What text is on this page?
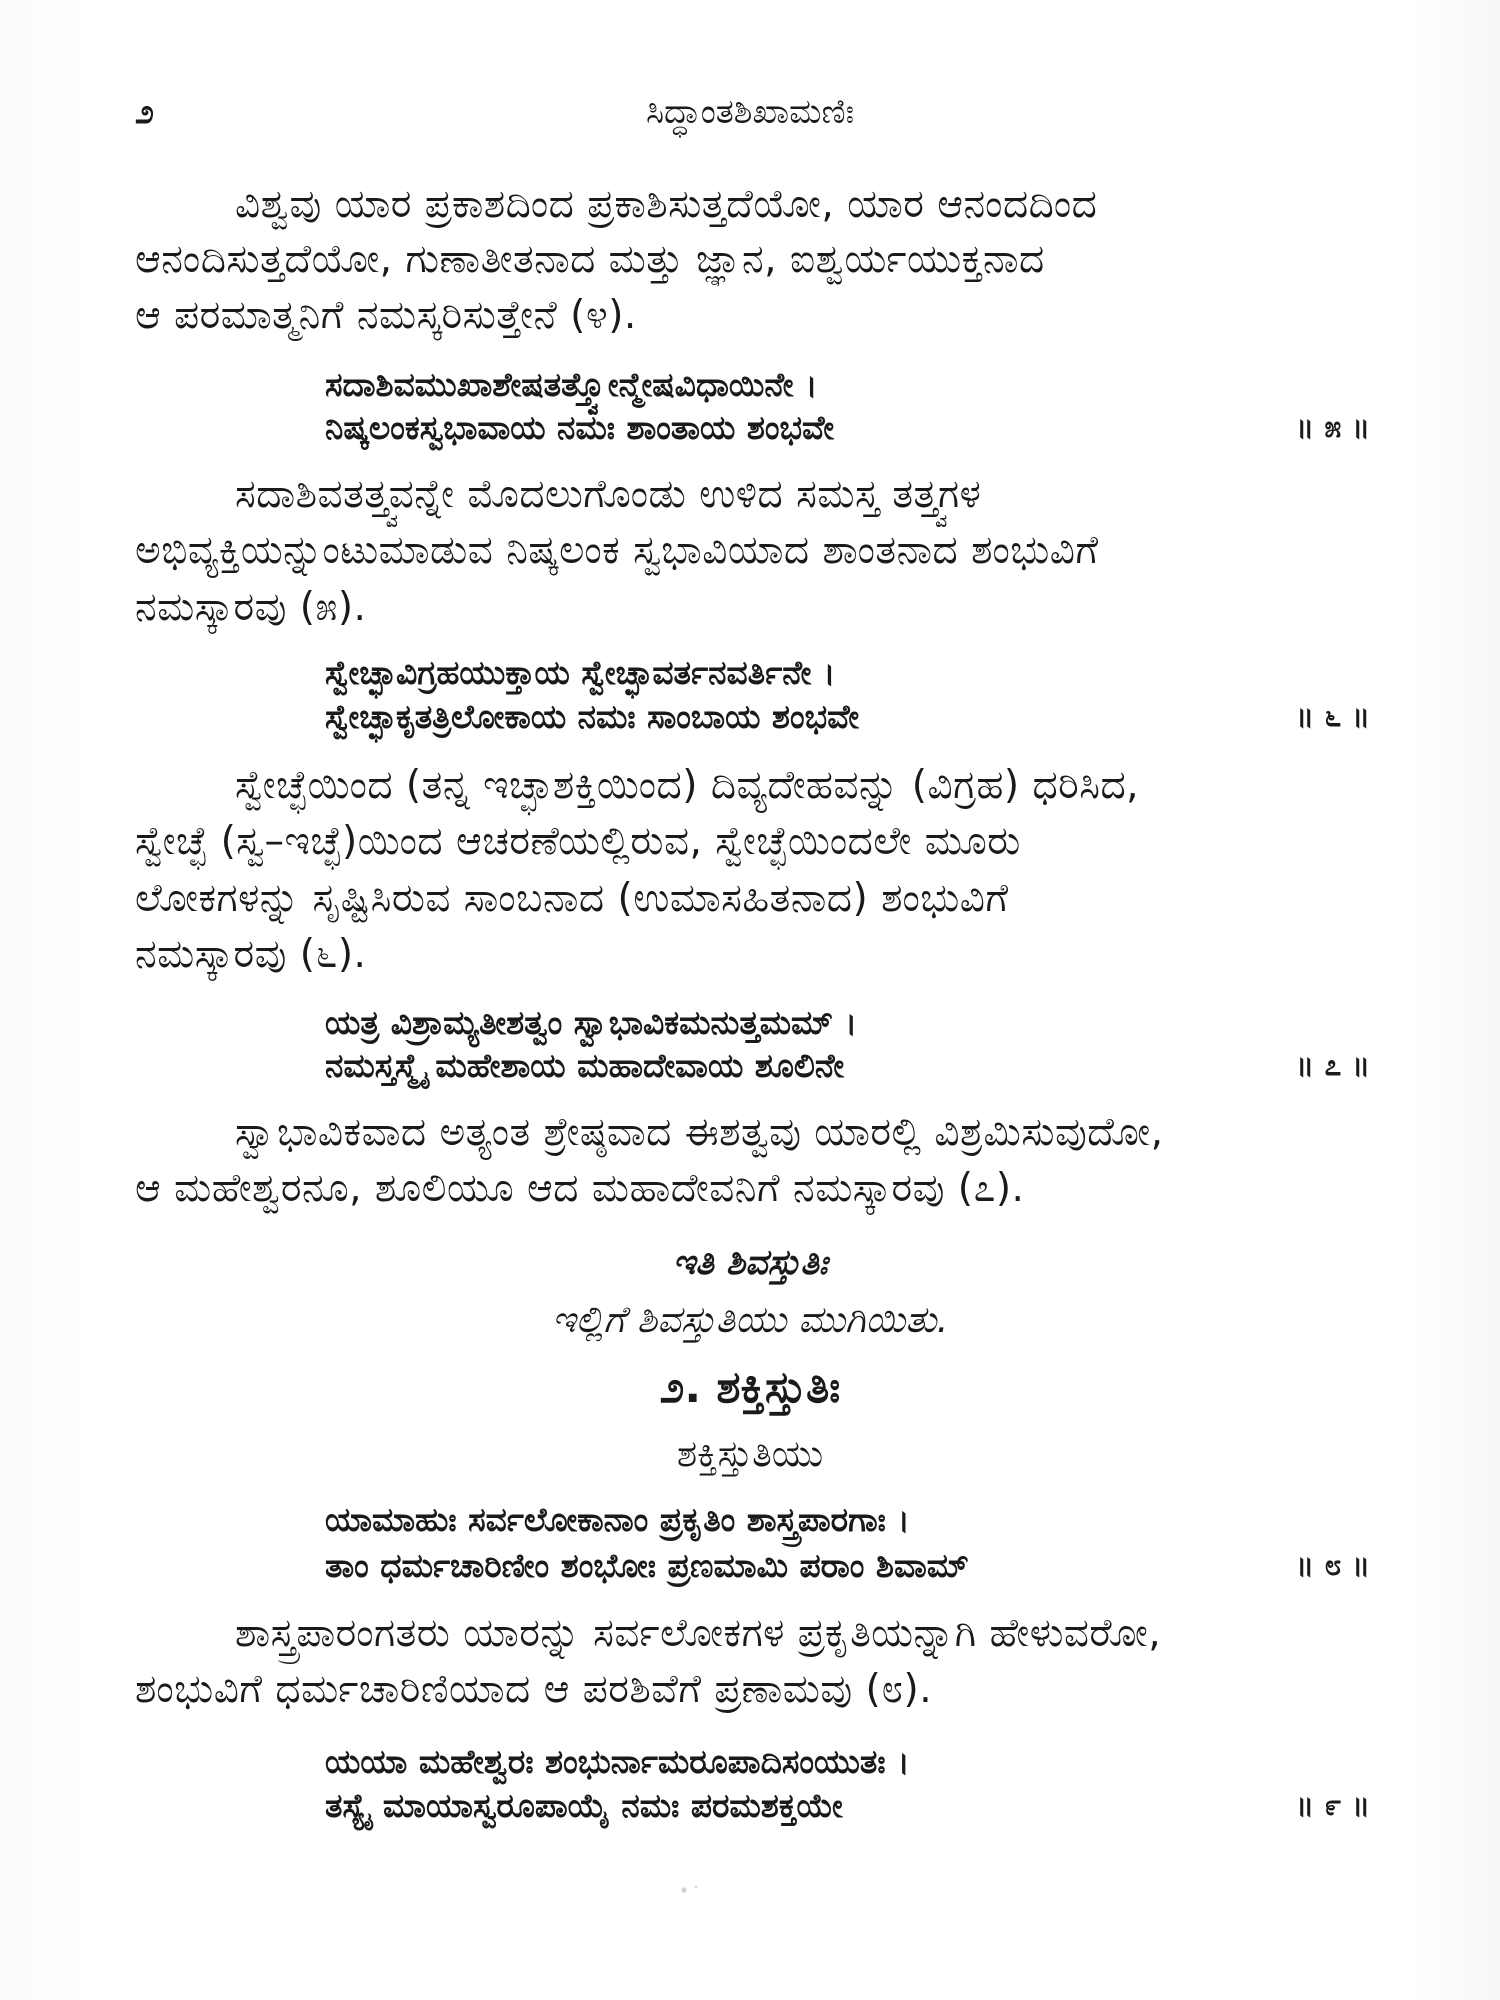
೨	ಸಿದ್ಧಾಂತಶಿಖಾಮಣಿಃ
ವಿಶ್ವವು ಯಾರ ಪ್ರಕಾಶದಿಂದ ಪ್ರಕಾಶಿಸುತ್ತದೆಯೋ, ಯಾರ ಆನಂದದಿಂದ
ಆನಂದಿಸುತ್ತದೆಯೋ, ಗುಣಾತೀತನಾದ ಮತ್ತು ಜ್ಞಾನ, ಐಶ್ವರ್ಯಯುಕ್ತನಾದ
ಆ ಪರಮಾತ್ಮನಿಗೆ ನಮಸ್ಕರಿಸುತ್ತೇನೆ (೪).
ಸದಾಶಿವಮುಖಾಶೇಷತತ್ತ್ವೋನ್ಮೇಷವಿಧಾಯಿನೇ ।
ನಿಷ್ಕಲಂಕಸ್ವಭಾವಾಯ ನಮಃ ಶಾಂತಾಯ ಶಂಭವೇ	॥ ೫ ॥
ಸದಾಶಿವತತ್ತ್ವವನ್ನೇ ಮೊದಲುಗೊಂಡು ಉಳಿದ ಸಮಸ್ತ ತತ್ತ್ವಗಳ
ಅಭಿವ್ಯಕ್ತಿಯನ್ನುಂಟುಮಾಡುವ ನಿಷ್ಕಲಂಕ ಸ್ವಭಾವಿಯಾದ ಶಾಂತನಾದ ಶಂಭುವಿಗೆ
ನಮಸ್ಕಾರವು (೫).
ಸ್ವೇಚ್ಛಾವಿಗ್ರಹಯುಕ್ತಾಯ ಸ್ವೇಚ್ಛಾವರ್ತನವರ್ತಿನೇ ।
ಸ್ವೇಚ್ಛಾಕೃತತ್ರಿಲೋಕಾಯ ನಮಃ ಸಾಂಬಾಯ ಶಂಭವೇ	॥ ೬ ॥
ಸ್ವೇಚ್ಛೆಯಿಂದ (ತನ್ನ ಇಚ್ಛಾಶಕ್ತಿಯಿಂದ) ದಿವ್ಯದೇಹವನ್ನು (ವಿಗ್ರಹ) ಧರಿಸಿದ,
ಸ್ವೇಚ್ಛೆ (ಸ್ವ–ಇಚ್ಛೆ)ಯಿಂದ ಆಚರಣೆಯಲ್ಲಿರುವ, ಸ್ವೇಚ್ಛೆಯಿಂದಲೇ ಮೂರು
ಲೋಕಗಳನ್ನು ಸೃಷ್ಟಿಸಿರುವ ಸಾಂಬನಾದ (ಉಮಾಸಹಿತನಾದ) ಶಂಭುವಿಗೆ
ನಮಸ್ಕಾರವು (೬).
ಯತ್ರ ವಿಶ್ರಾಮ್ಯತೀಶತ್ವಂ ಸ್ವಾಭಾವಿಕಮನುತ್ತಮಮ್ ।
ನಮಸ್ತಸ್ಮೈ ಮಹೇಶಾಯ ಮಹಾದೇವಾಯ ಶೂಲಿನೇ	॥ ೭ ॥
ಸ್ವಾಭಾವಿಕವಾದ ಅತ್ಯಂತ ಶ್ರೇಷ್ಠವಾದ ಈಶತ್ವವು ಯಾರಲ್ಲಿ ವಿಶ್ರಮಿಸುವುದೋ,
ಆ ಮಹೇಶ್ವರನೂ, ಶೂಲಿಯೂ ಆದ ಮಹಾದೇವನಿಗೆ ನಮಸ್ಕಾರವು (೭).
ಇತಿ ಶಿವಸ್ತುತಿಃ
ಇಲ್ಲಿಗೆ ಶಿವಸ್ತುತಿಯು ಮುಗಿಯಿತು.
೨. ಶಕ್ತಿಸ್ತುತಿಃ
ಶಕ್ತಿಸ್ತುತಿಯು
ಯಾಮಾಹುಃ ಸರ್ವಲೋಕಾನಾಂ ಪ್ರಕೃತಿಂ ಶಾಸ್ತ್ರಪಾರಗಾಃ ।
ತಾಂ ಧರ್ಮಚಾರಿಣೀಂ ಶಂಭೋಃ ಪ್ರಣಮಾಮಿ ಪರಾಂ ಶಿವಾಮ್	॥ ೮ ॥
ಶಾಸ್ತ್ರಪಾರಂಗತರು ಯಾರನ್ನು ಸರ್ವಲೋಕಗಳ ಪ್ರಕೃತಿಯನ್ನಾಗಿ ಹೇಳುವರೋ,
ಶಂಭುವಿಗೆ ಧರ್ಮಚಾರಿಣಿಯಾದ ಆ ಪರಶಿವೆಗೆ ಪ್ರಣಾಮವು (೮).
ಯಯಾ ಮಹೇಶ್ವರಃ ಶಂಭುರ್ನಾಮರೂಪಾದಿಸಂಯುತಃ ।
ತಸ್ಯೈ ಮಾಯಾಸ್ವರೂಪಾಯೈ ನಮಃ ಪರಮಶಕ್ತಯೇ	॥ ೯ ॥
